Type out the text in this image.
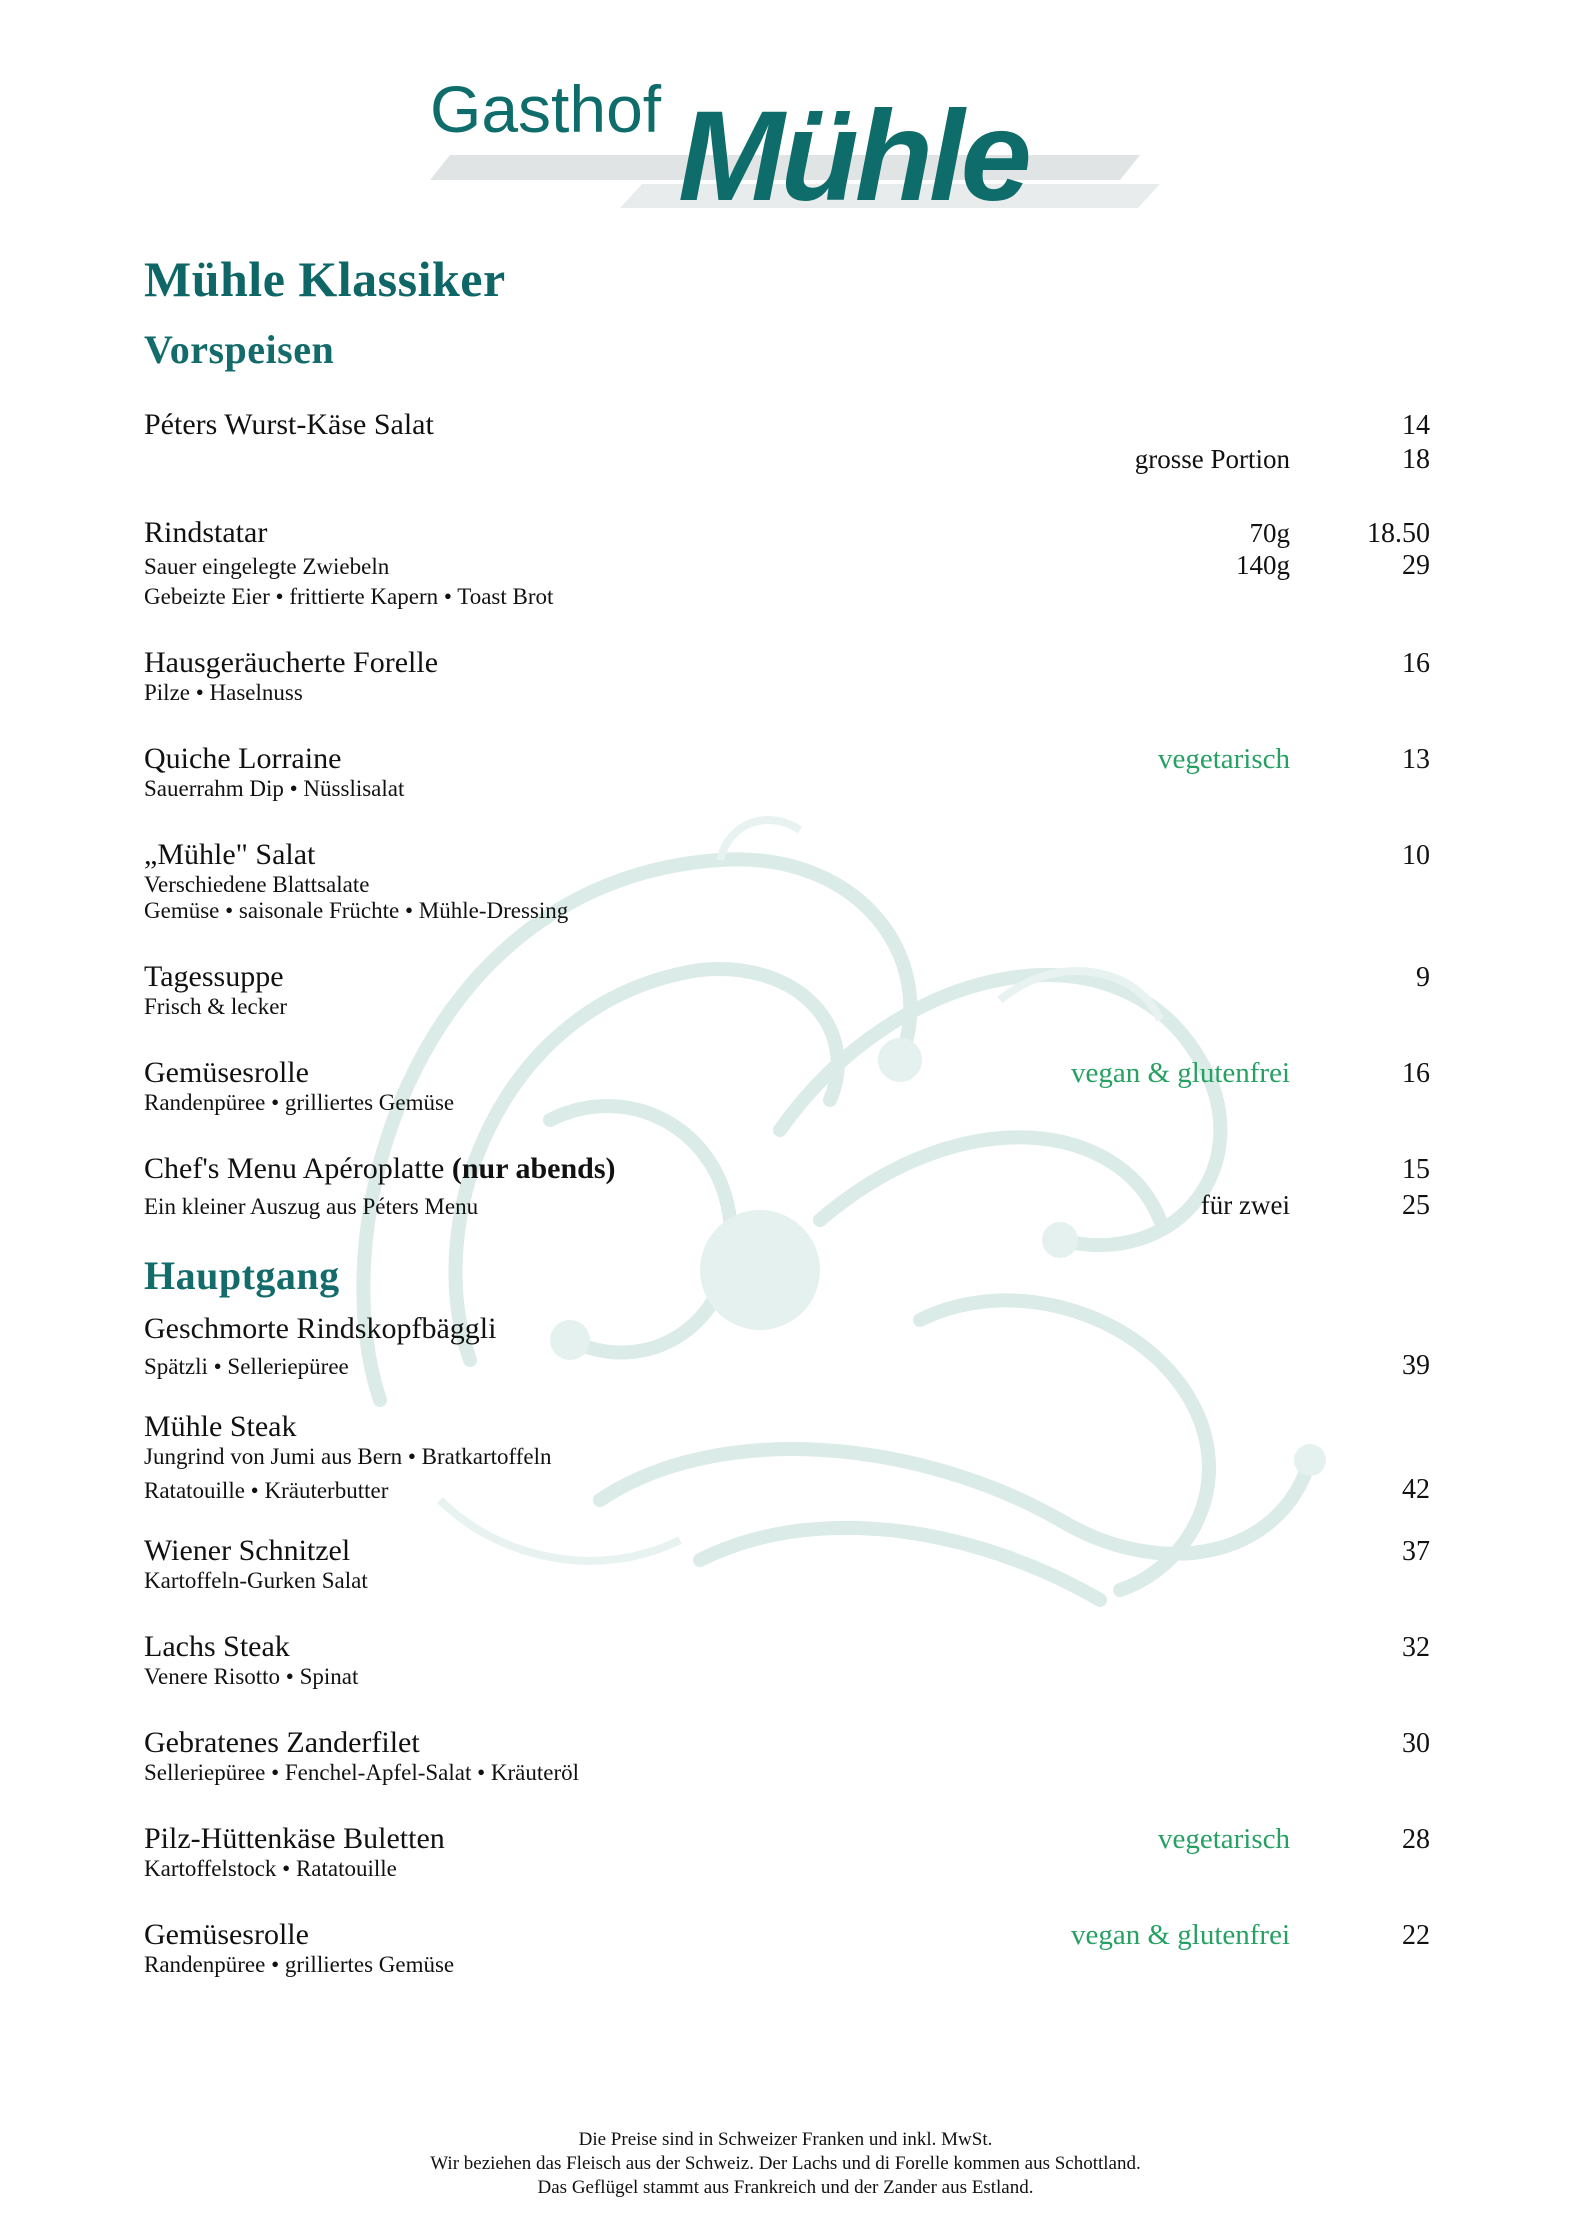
Gasthof Mühle
Mühle Klassiker
Vorspeisen
Péters Wurst-Käse Salat	14
grosse Portion	18
Rindstatar	70g	18.50
Sauer eingelegte Zwiebeln	140g	29
Gebeizte Eier • frittierte Kapern • Toast Brot
Hausgeräucherte Forelle	16
Pilze • Haselnuss
Quiche Lorraine	vegetarisch	13
Sauerrahm Dip • Nüsslisalat
„Mühle" Salat	10
Verschiedene Blattsalate
Gemüse • saisonale Früchte • Mühle-Dressing
Tagessuppe	9
Frisch & lecker
Gemüsesrolle	vegan & glutenfrei	16
Randenpüree • grilliertes Gemüse
Chef's Menu Apéroplatte (nur abends)	15
Ein kleiner Auszug aus Péters Menu	für zwei	25
Hauptgang
Geschmorte Rindskopfbäggli
Spätzli • Selleriepüree	39
Mühle Steak
Jungrind von Jumi aus Bern • Bratkartoffeln
Ratatouille • Kräuterbutter	42
Wiener Schnitzel	37
Kartoffeln-Gurken Salat
Lachs Steak	32
Venere Risotto • Spinat
Gebratenes Zanderfilet	30
Selleriepüree • Fenchel-Apfel-Salat • Kräuteröl
Pilz-Hüttenkäse Buletten	vegetarisch	28
Kartoffelstock • Ratatouille
Gemüsesrolle	vegan & glutenfrei	22
Randenpüree • grilliertes Gemüse
Die Preise sind in Schweizer Franken und inkl. MwSt.
Wir beziehen das Fleisch aus der Schweiz. Der Lachs und di Forelle kommen aus Schottland.
Das Geflügel stammt aus Frankreich und der Zander aus Estland.
